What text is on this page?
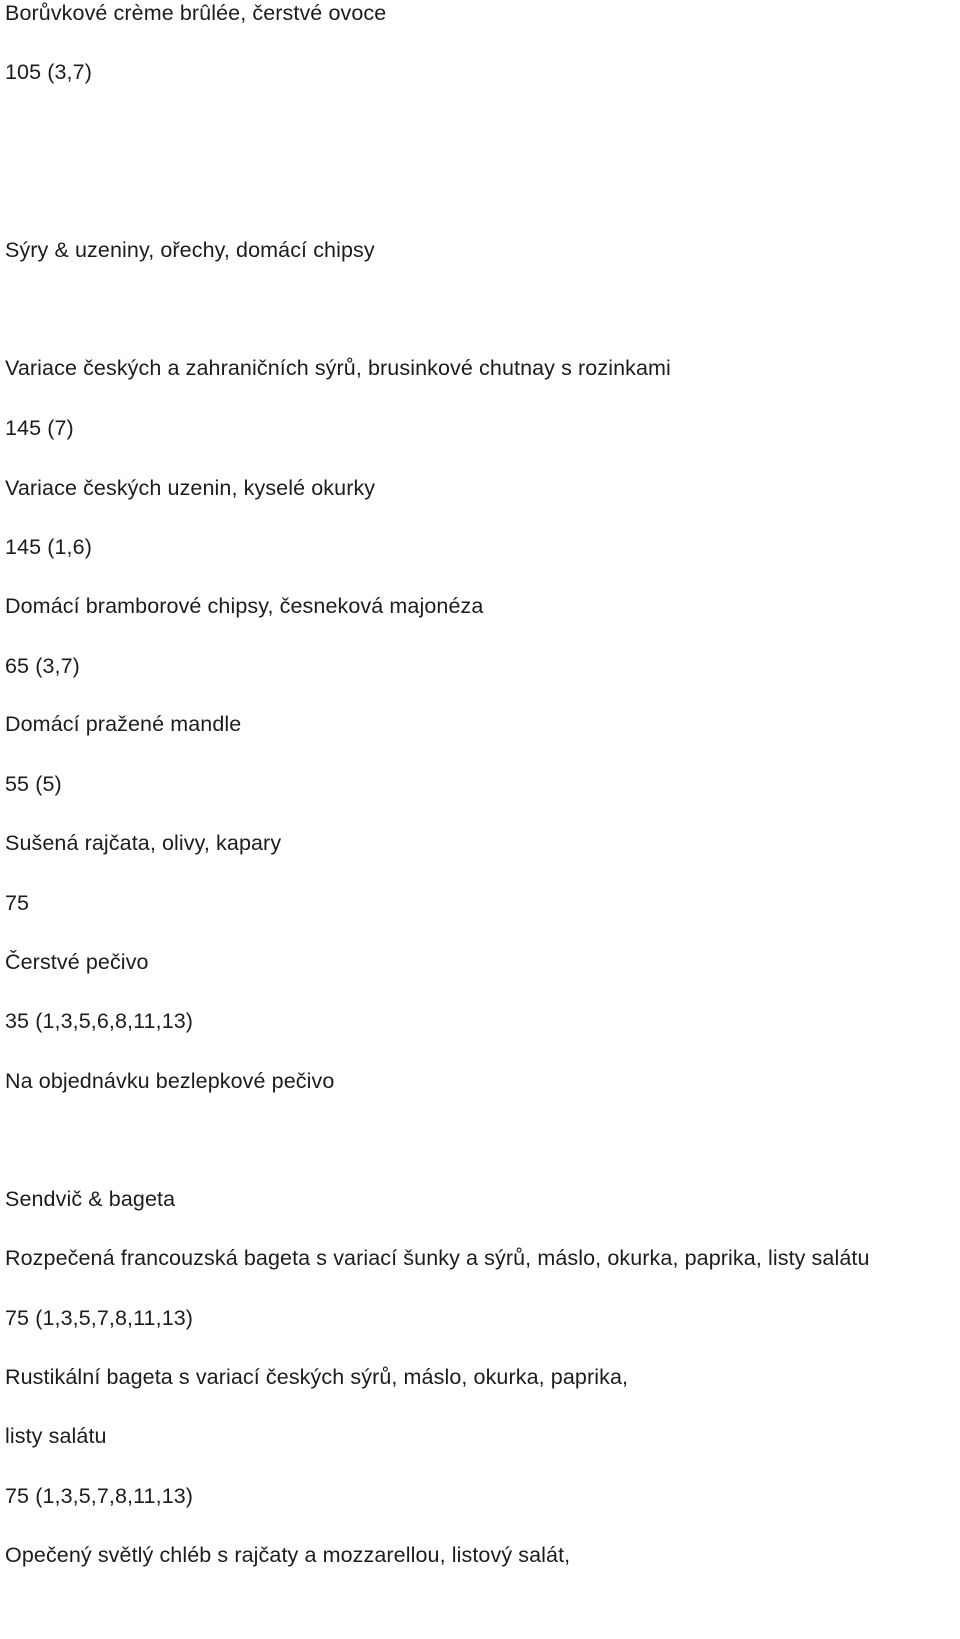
Borůvkové crème brûlée, čerstvé ovoce

105 (3,7)

Sýry & uzeniny, ořechy, domácí chipsy

Variace českých a zahraničních sýrů, brusinkové chutnay s rozinkami

145 (7)

Variace českých uzenin, kyselé okurky

145 (1,6)

Domácí bramborové chipsy, česneková majonéza

65 (3,7)

Domácí pražené mandle

55 (5)

Sušená rajčata, olivy, kapary

75

Čerstvé pečivo

35 (1,3,5,6,8,11,13)

Na objednávku bezlepkové pečivo

Sendvič & bageta

Rozpečená francouzská bageta s variací šunky a sýrů, máslo, okurka, paprika, listy salátu

75 (1,3,5,7,8,11,13)

Rustikální bageta s variací českých sýrů, máslo, okurka, paprika,

listy salátu

75 (1,3,5,7,8,11,13)

Opečený světlý chléb s rajčaty a mozzarellou, listový salát,
